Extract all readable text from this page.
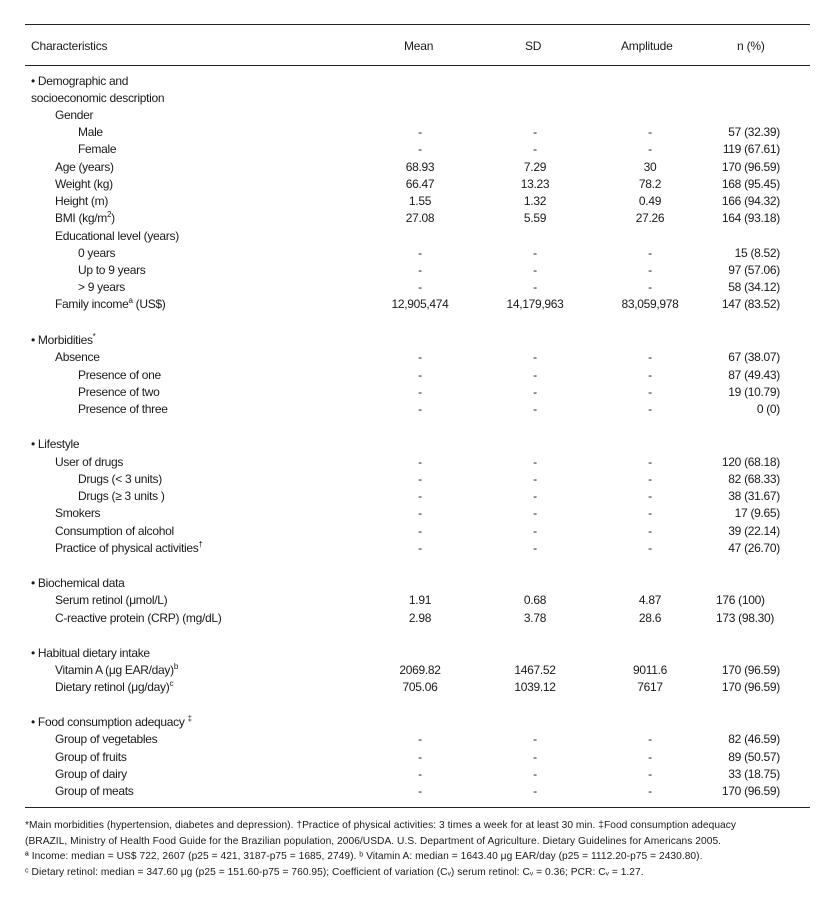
Characteristics	Mean	SD	Amplitude	n (%)
• Demographic and
socioeconomic description
Gender
Male	-	-	-	57 (32.39)
Female	-	-	-	119 (67.61)
Age (years)	68.93	7.29	30	170 (96.59)
Weight (kg)	66.47	13.23	78.2	168 (95.45)
Height (m)	1.55	1.32	0.49	166 (94.32)
BMI $(kg/m^2)$	27.08	5.59	27.26	164 (93.18)
Educational level (years)
0 years	-	-	-	15 (8.52)
Up to 9 years	-	-	-	97 (57.06)
> 9 years	-	-	-	58 (34.12)
Family income$^a$ (US$)	12,905,474	14,179,963	83,059,978	147 (83.52)
• Morbidities*
Absence	-	-	-	67 (38.07)
Presence of one	-	-	-	87 (49.43)
Presence of two	-	-	-	19 (10.79)
Presence of three	-	-	-	0 (0)
• Lifestyle
User of drugs	-	-	-	120 (68.18)
Drugs (< 3 units)	-	-	-	82 (68.33)
Drugs (≥ 3 units )	-	-	-	38 (31.67)
Smokers	-	-	-	17 (9.65)
Consumption of alcohol	-	-	-	39 (22.14)
Practice of physical activities†	-	-	-	47 (26.70)
• Biochemical data
Serum retinol (μmol/L)	1.91	0.68	4.87	176 (100)
C-reactive protein (CRP) (mg/dL)	2.98	3.78	28.6	173 (98.30)
• Habitual dietary intake
Vitamin A (μg EAR/day)$^b$	2069.82	1467.52	9011.6	170 (96.59)
Dietary retinol $(\mu g/day)^c$	705.06	1039.12	7617	170 (96.59)
• Food consumption adequacy ‡
Group of vegetables	-	-	-	82 (46.59)
Group of fruits	-	-	-	89 (50.57)
Group of dairy	-	-	-	33 (18.75)
Group of meats	-	-	-	170 (96.59)
*Main morbidities (hypertension, diabetes and depression). †Practice of physical activities: 3 times a week for at least 30 min. ‡Food consumption adequacy
(BRAZIL, Ministry of Health Food Guide for the Brazilian population, 2006/USDA. U.S. Department of Agriculture. Dietary Guidelines for Americans 2005.
ª Income: median = US$ 722, 2607 (p25 = 421, 3187-p75 = 1685, 2749). ᵇ Vitamin A: median = 1643.40 μg EAR/day (p25 = 1112.20-p75 = 2430.80).
ᶜ Dietary retinol: median = 347.60 μg (p25 = 151.60-p75 = 760.95); Coefficient of variation (Cᵥ) serum retinol: Cᵥ = 0.36; PCR: Cᵥ = 1.27.
